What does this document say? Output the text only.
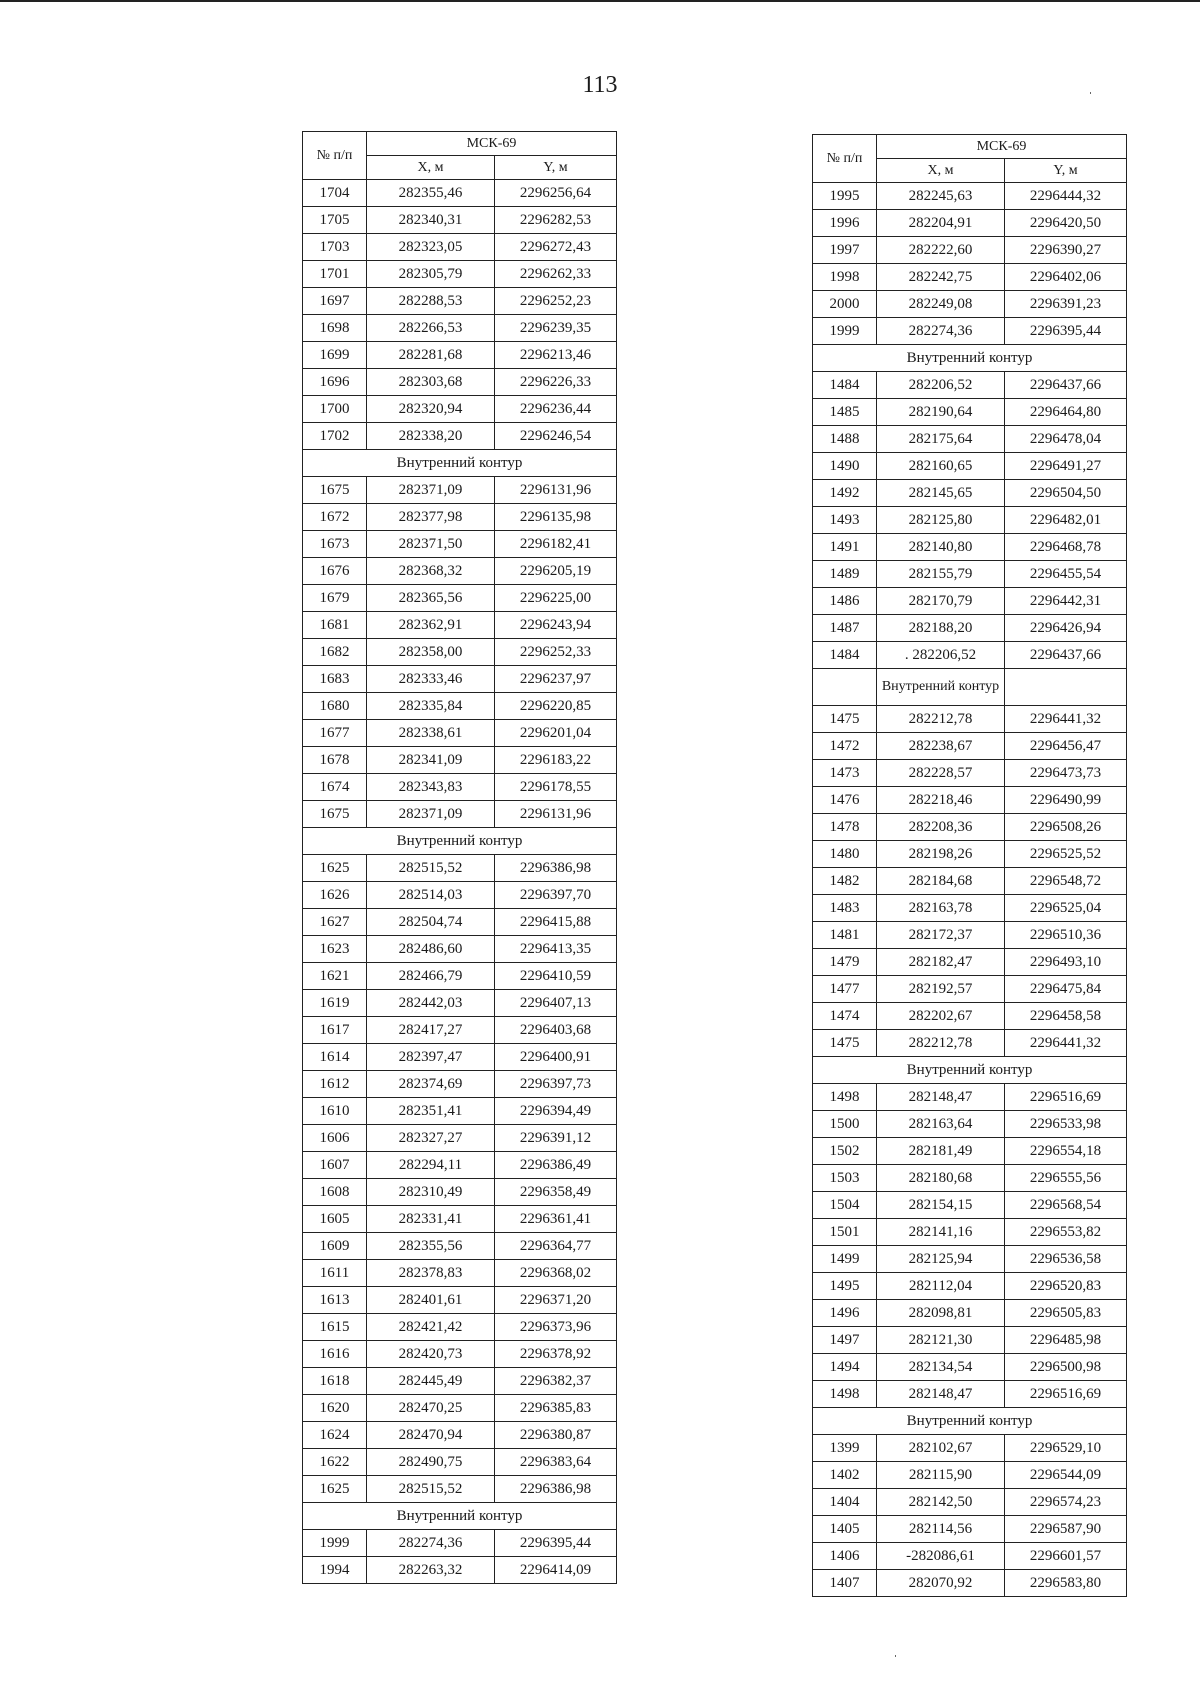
113
№ п/п	МСК-69	
	X, м	Y, м
1704	282355,46	2296256,64
1705	282340,31	2296282,53
1703	282323,05	2296272,43
1701	282305,79	2296262,33
1697	282288,53	2296252,23
1698	282266,53	2296239,35
1699	282281,68	2296213,46
1696	282303,68	2296226,33
1700	282320,94	2296236,44
1702	282338,20	2296246,54
Внутренний контур		
1675	282371,09	2296131,96
1672	282377,98	2296135,98
1673	282371,50	2296182,41
1676	282368,32	2296205,19
1679	282365,56	2296225,00
1681	282362,91	2296243,94
1682	282358,00	2296252,33
1683	282333,46	2296237,97
1680	282335,84	2296220,85
1677	282338,61	2296201,04
1678	282341,09	2296183,22
1674	282343,83	2296178,55
1675	282371,09	2296131,96
Внутренний контур		
1625	282515,52	2296386,98
1626	282514,03	2296397,70
1627	282504,74	2296415,88
1623	282486,60	2296413,35
1621	282466,79	2296410,59
1619	282442,03	2296407,13
1617	282417,27	2296403,68
1614	282397,47	2296400,91
1612	282374,69	2296397,73
1610	282351,41	2296394,49
1606	282327,27	2296391,12
1607	282294,11	2296386,49
1608	282310,49	2296358,49
1605	282331,41	2296361,41
1609	282355,56	2296364,77
1611	282378,83	2296368,02
1613	282401,61	2296371,20
1615	282421,42	2296373,96
1616	282420,73	2296378,92
1618	282445,49	2296382,37
1620	282470,25	2296385,83
1624	282470,94	2296380,87
1622	282490,75	2296383,64
1625	282515,52	2296386,98
Внутренний контур		
1999	282274,36	2296395,44
1994	282263,32	2296414,09
№ п/п	МСК-69	
	X, м	Y, м
1995	282245,63	2296444,32
1996	282204,91	2296420,50
1997	282222,60	2296390,27
1998	282242,75	2296402,06
2000	282249,08	2296391,23
1999	282274,36	2296395,44
Внутренний контур		
1484	282206,52	2296437,66
1485	282190,64	2296464,80
1488	282175,64	2296478,04
1490	282160,65	2296491,27
1492	282145,65	2296504,50
1493	282125,80	2296482,01
1491	282140,80	2296468,78
1489	282155,79	2296455,54
1486	282170,79	2296442,31
1487	282188,20	2296426,94
1484	. 282206,52	2296437,66
	Внутренний контур	
1475	282212,78	2296441,32
1472	282238,67	2296456,47
1473	282228,57	2296473,73
1476	282218,46	2296490,99
1478	282208,36	2296508,26
1480	282198,26	2296525,52
1482	282184,68	2296548,72
1483	282163,78	2296525,04
1481	282172,37	2296510,36
1479	282182,47	2296493,10
1477	282192,57	2296475,84
1474	282202,67	2296458,58
1475	282212,78	2296441,32
Внутренний контур		
1498	282148,47	2296516,69
1500	282163,64	2296533,98
1502	282181,49	2296554,18
1503	282180,68	2296555,56
1504	282154,15	2296568,54
1501	282141,16	2296553,82
1499	282125,94	2296536,58
1495	282112,04	2296520,83
1496	282098,81	2296505,83
1497	282121,30	2296485,98
1494	282134,54	2296500,98
1498	282148,47	2296516,69
Внутренний контур		
1399	282102,67	2296529,10
1402	282115,90	2296544,09
1404	282142,50	2296574,23
1405	282114,56	2296587,90
1406	-282086,61	2296601,57
1407	282070,92	2296583,80
